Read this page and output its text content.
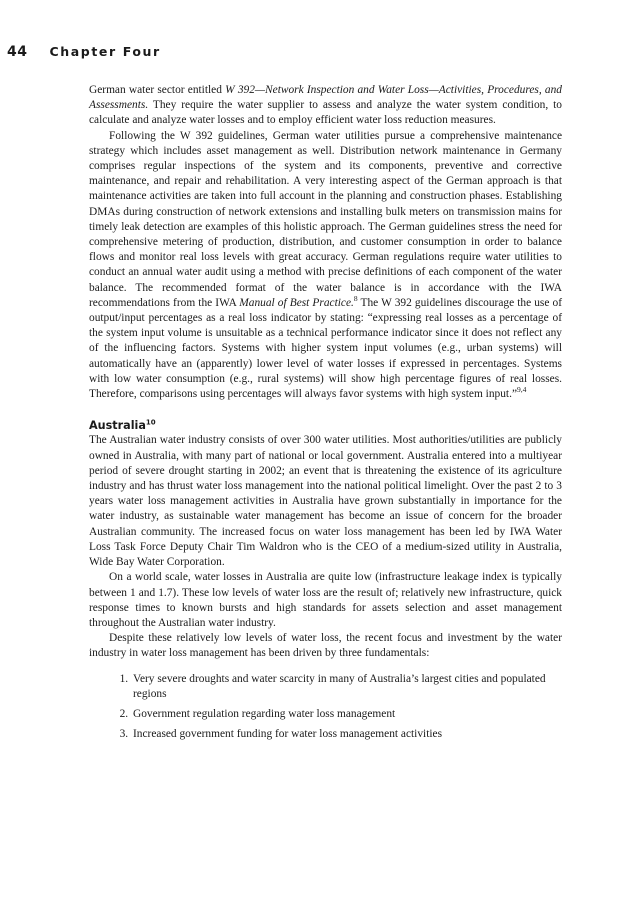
44 Chapter Four

German water sector entitled W 392—Network Inspection and Water Loss—Activities, Procedures, and Assessments. They require the water supplier to assess and analyze the water system condition, to calculate and analyze water losses and to employ efficient water loss reduction measures.

Following the W 392 guidelines, German water utilities pursue a comprehensive maintenance strategy which includes asset management as well. Distribution network maintenance in Germany comprises regular inspections of the system and its components, preventive and corrective maintenance, and repair and rehabilitation. A very interesting aspect of the German approach is that maintenance activities are taken into full account in the planning and construction phases. Establishing DMAs during construction of network extensions and installing bulk meters on transmission mains for timely leak detection are examples of this holistic approach. The German guidelines stress the need for comprehensive metering of production, distribution, and customer consumption in order to balance flows and monitor real loss levels with great accuracy. German regulations require water utilities to conduct an annual water audit using a method with precise definitions of each component of the water balance. The recommended format of the water balance is in accordance with the IWA recommendations from the IWA Manual of Best Practice.$^8$ The W 392 guidelines discourage the use of output/input percentages as a real loss indicator by stating: “expressing real losses as a percentage of the system input volume is unsuitable as a technical performance indicator since it does not reflect any of the influencing factors. Systems with higher system input volumes (e.g., urban systems) will automatically have an (apparently) lower level of water losses if expressed in percentages. Systems with low water consumption (e.g., rural systems) will show high percentage figures of real losses. Therefore, comparisons using percentages will always favor systems with high system input.”$^{9,4}$

Australia$^{10}$

The Australian water industry consists of over 300 water utilities. Most authorities/utilities are publicly owned in Australia, with many part of national or local government. Australia entered into a multiyear period of severe drought starting in 2002; an event that is threatening the existence of its agriculture industry and has thrust water loss management into the national political limelight. Over the past 2 to 3 years water loss management activities in Australia have grown substantially in importance for the water industry, as sustainable water management has become an issue of concern for the broader Australian community. The increased focus on water loss management has been led by IWA Water Loss Task Force Deputy Chair Tim Waldron who is the CEO of a medium-sized utility in Australia, Wide Bay Water Corporation.

On a world scale, water losses in Australia are quite low (infrastructure leakage index is typically between 1 and 1.7). These low levels of water loss are the result of; relatively new infrastructure, quick response times to known bursts and high standards for assets selection and asset management throughout the Australian water industry.

Despite these relatively low levels of water loss, the recent focus and investment by the water industry in water loss management has been driven by three fundamentals:

1. Very severe droughts and water scarcity in many of Australia’s largest cities and populated regions
2. Government regulation regarding water loss management
3. Increased government funding for water loss management activities
